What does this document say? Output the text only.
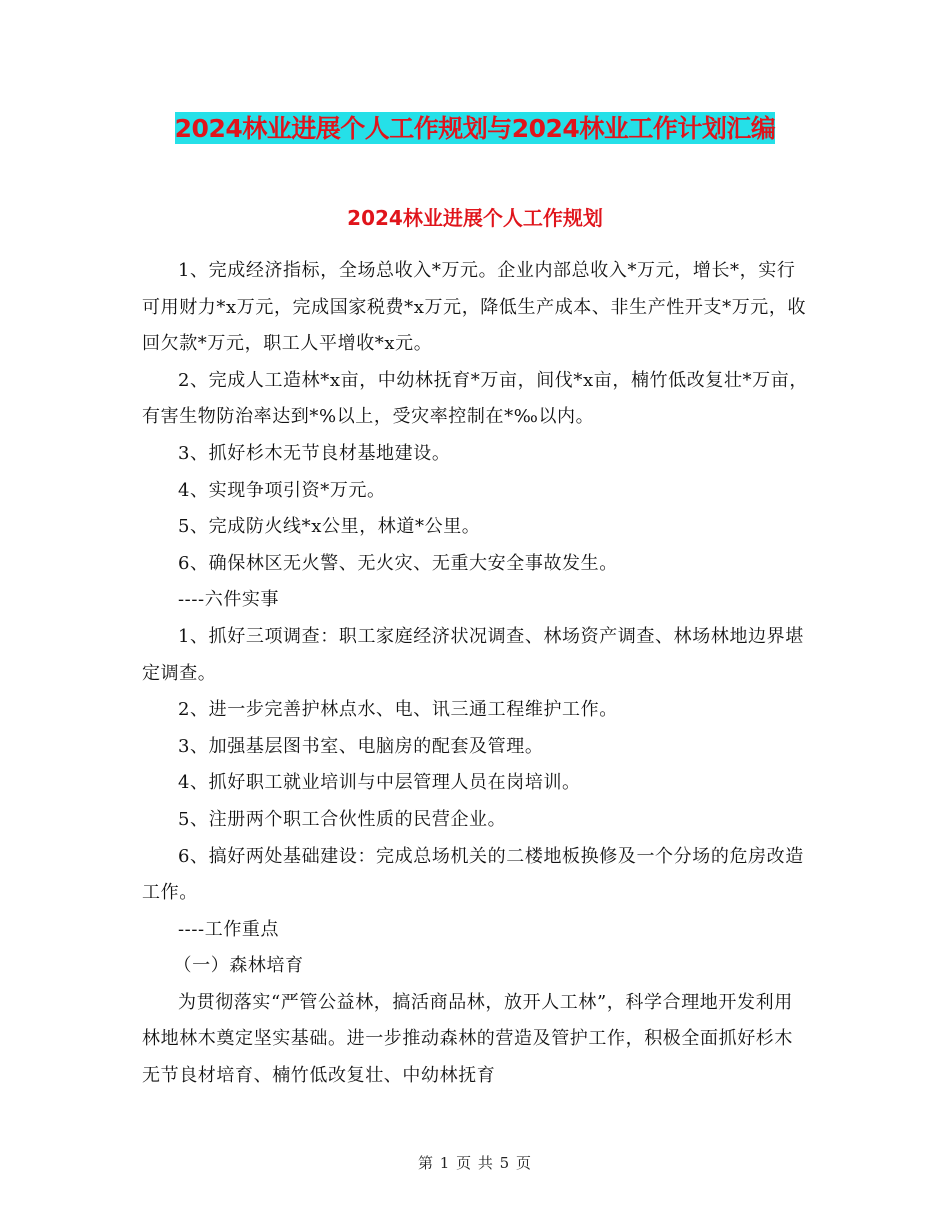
2024林业进展个人工作规划与2024林业工作计划汇编
2024林业进展个人工作规划

1、完成经济指标，全场总收入*万元。企业内部总收入*万元，增长*，实行可用财力*x万元，完成国家税费*x万元，降低生产成本、非生产性开支*万元，收回欠款*万元，职工人平增收*x元。

2、完成人工造林*x亩，中幼林抚育*万亩，间伐*x亩，楠竹低改复壮*万亩，有害生物防治率达到*%以上，受灾率控制在*‰以内。

3、抓好杉木无节良材基地建设。

4、实现争项引资*万元。

5、完成防火线*x公里，林道*公里。

6、确保林区无火警、无火灾、无重大安全事故发生。

----六件实事

1、抓好三项调查：职工家庭经济状况调查、林场资产调查、林场林地边界堪定调查。

2、进一步完善护林点水、电、讯三通工程维护工作。

3、加强基层图书室、电脑房的配套及管理。

4、抓好职工就业培训与中层管理人员在岗培训。

5、注册两个职工合伙性质的民营企业。

6、搞好两处基础建设：完成总场机关的二楼地板换修及一个分场的危房改造工作。

----工作重点

（一）森林培育

为贯彻落实“严管公益林，搞活商品林，放开人工林”，科学合理地开发利用林地林木奠定坚实基础。进一步推动森林的营造及管护工作，积极全面抓好杉木无节良材培育、楠竹低改复壮、中幼林抚育

第 1 页 共 5 页
